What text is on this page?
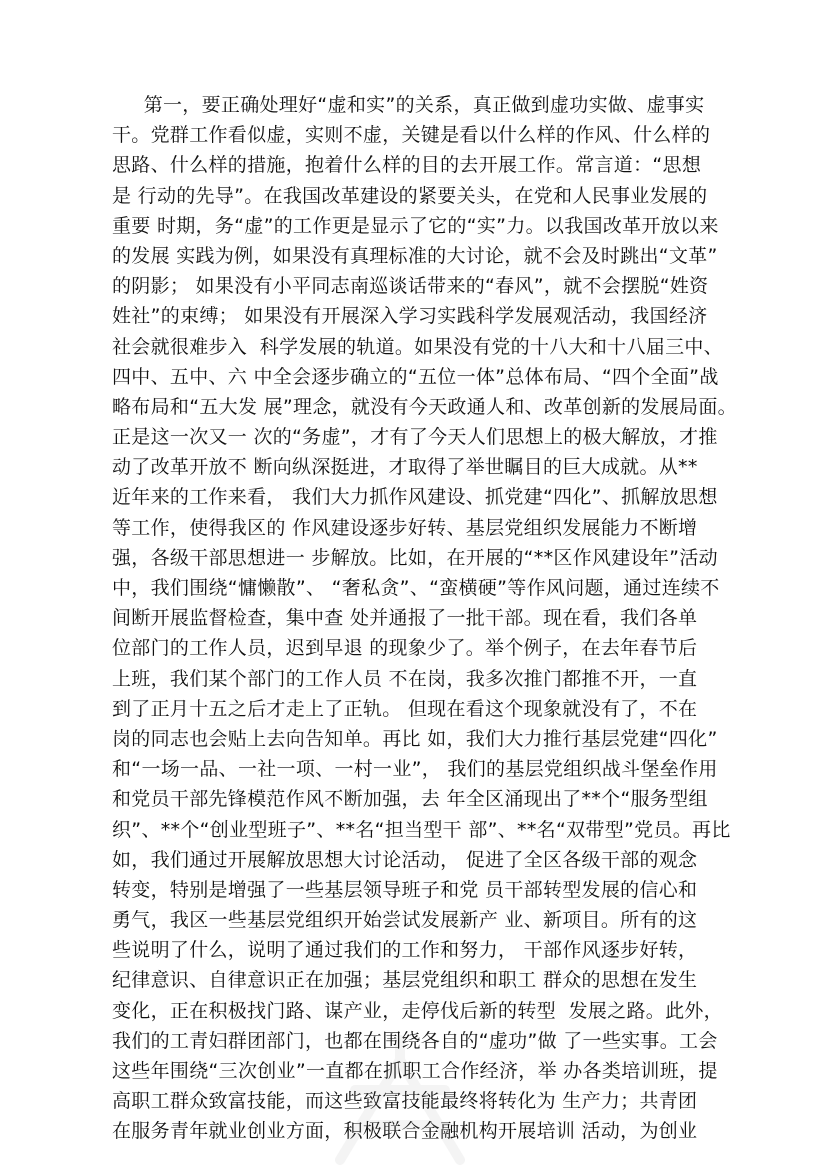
第一，要正确处理好“虚和实”的关系，真正做到虚功实做、虚事实
干。党群工作看似虚，实则不虚，关键是看以什么样的作风、什么样的
思路、什么样的措施，抱着什么样的目的去开展工作。常言道：“思想
是 行动的先导”。在我国改革建设的紧要关头，在党和人民事业发展的
重要 时期，务“虚”的工作更是显示了它的“实”力。以我国改革开放以来
的发展 实践为例，如果没有真理标准的大讨论，就不会及时跳出“文革”
的阴影； 如果没有小平同志南巡谈话带来的“春风”，就不会摆脱“姓资
姓社”的束缚； 如果没有开展深入学习实践科学发展观活动，我国经济
社会就很难步入  科学发展的轨道。如果没有党的十八大和十八届三中、
四中、五中、六 中全会逐步确立的“五位一体”总体布局、“四个全面”战
略布局和“五大发 展”理念，就没有今天政通人和、改革创新的发展局面。
正是这一次又一 次的“务虚”，才有了今天人们思想上的极大解放，才推
动了改革开放不 断向纵深挺进，才取得了举世瞩目的巨大成就。从**
近年来的工作来看， 我们大力抓作风建设、抓党建“四化”、抓解放思想
等工作，使得我区的 作风建设逐步好转、基层党组织发展能力不断增
强，各级干部思想进一 步解放。比如，在开展的“**区作风建设年”活动
中，我们围绕“慵懒散”、 “奢私贪”、“蛮横硬”等作风问题，通过连续不
间断开展监督检查，集中查 处并通报了一批干部。现在看，我们各单
位部门的工作人员，迟到早退 的现象少了。举个例子，在去年春节后
上班，我们某个部门的工作人员 不在岗，我多次推门都推不开，一直
到了正月十五之后才走上了正轨。 但现在看这个现象就没有了，不在
岗的同志也会贴上去向告知单。再比 如，我们大力推行基层党建“四化”
和“一场一品、一社一项、一村一业”， 我们的基层党组织战斗堡垒作用
和党员干部先锋模范作风不断加强，去 年全区涌现出了**个“服务型组
织”、**个“创业型班子”、**名“担当型干 部”、**名“双带型”党员。再比
如，我们通过开展解放思想大讨论活动， 促进了全区各级干部的观念
转变，特别是增强了一些基层领导班子和党 员干部转型发展的信心和
勇气，我区一些基层党组织开始尝试发展新产 业、新项目。所有的这
些说明了什么，说明了通过我们的工作和努力， 干部作风逐步好转，
纪律意识、自律意识正在加强；基层党组织和职工 群众的思想在发生
变化，正在积极找门路、谋产业，走停伐后新的转型  发展之路。此外，
我们的工青妇群团部门，也都在围绕各自的“虚功”做 了一些实事。工会
这些年围绕“三次创业”一直都在抓职工合作经济，举 办各类培训班，提
高职工群众致富技能，而这些致富技能最终将转化为 生产力；共青团
在服务青年就业创业方面，积极联合金融机构开展培训 活动，为创业
